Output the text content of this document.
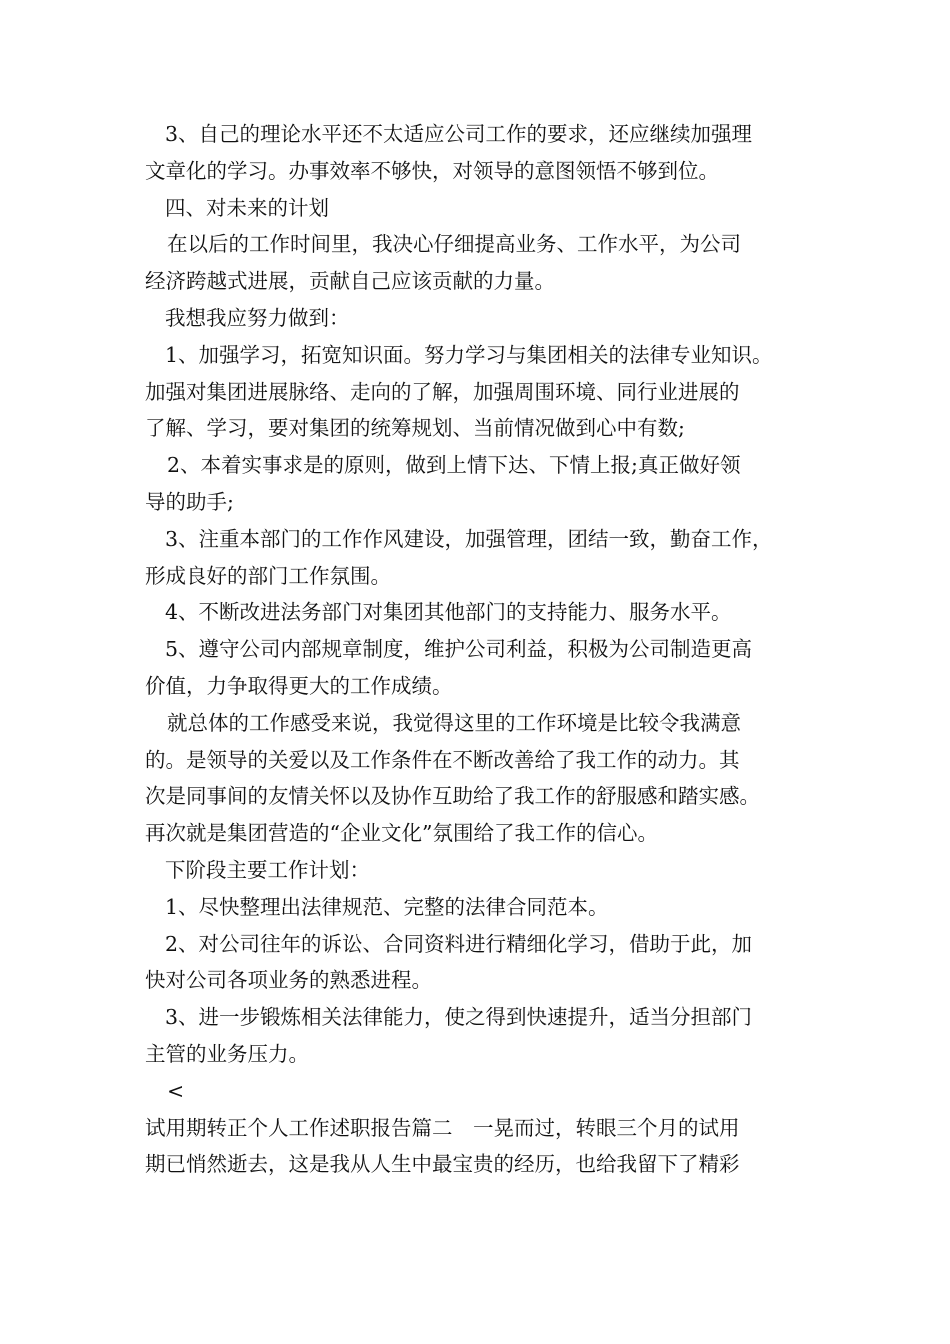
3、自己的理论水平还不太适应公司工作的要求，还应继续加强理
文章化的学习。办事效率不够快，对领导的意图领悟不够到位。
四、对未来的计划
在以后的工作时间里，我决心仔细提高业务、工作水平，为公司
经济跨越式进展，贡献自己应该贡献的力量。
我想我应努力做到：
1、加强学习，拓宽知识面。努力学习与集团相关的法律专业知识。
加强对集团进展脉络、走向的了解，加强周围环境、同行业进展的
了解、学习，要对集团的统筹规划、当前情况做到心中有数;
2、本着实事求是的原则，做到上情下达、下情上报;真正做好领
导的助手;
3、注重本部门的工作作风建设，加强管理，团结一致，勤奋工作，
形成良好的部门工作氛围。
4、不断改进法务部门对集团其他部门的支持能力、服务水平。
5、遵守公司内部规章制度，维护公司利益，积极为公司制造更高
价值，力争取得更大的工作成绩。
就总体的工作感受来说，我觉得这里的工作环境是比较令我满意
的。是领导的关爱以及工作条件在不断改善给了我工作的动力。其
次是同事间的友情关怀以及协作互助给了我工作的舒服感和踏实感。
再次就是集团营造的“企业文化”氛围给了我工作的信心。
下阶段主要工作计划：
1、尽快整理出法律规范、完整的法律合同范本。
2、对公司往年的诉讼、合同资料进行精细化学习，借助于此，加
快对公司各项业务的熟悉进程。
3、进一步锻炼相关法律能力，使之得到快速提升，适当分担部门
主管的业务压力。
<
试用期转正个人工作述职报告篇二　一晃而过，转眼三个月的试用
期已悄然逝去，这是我从人生中最宝贵的经历，也给我留下了精彩
